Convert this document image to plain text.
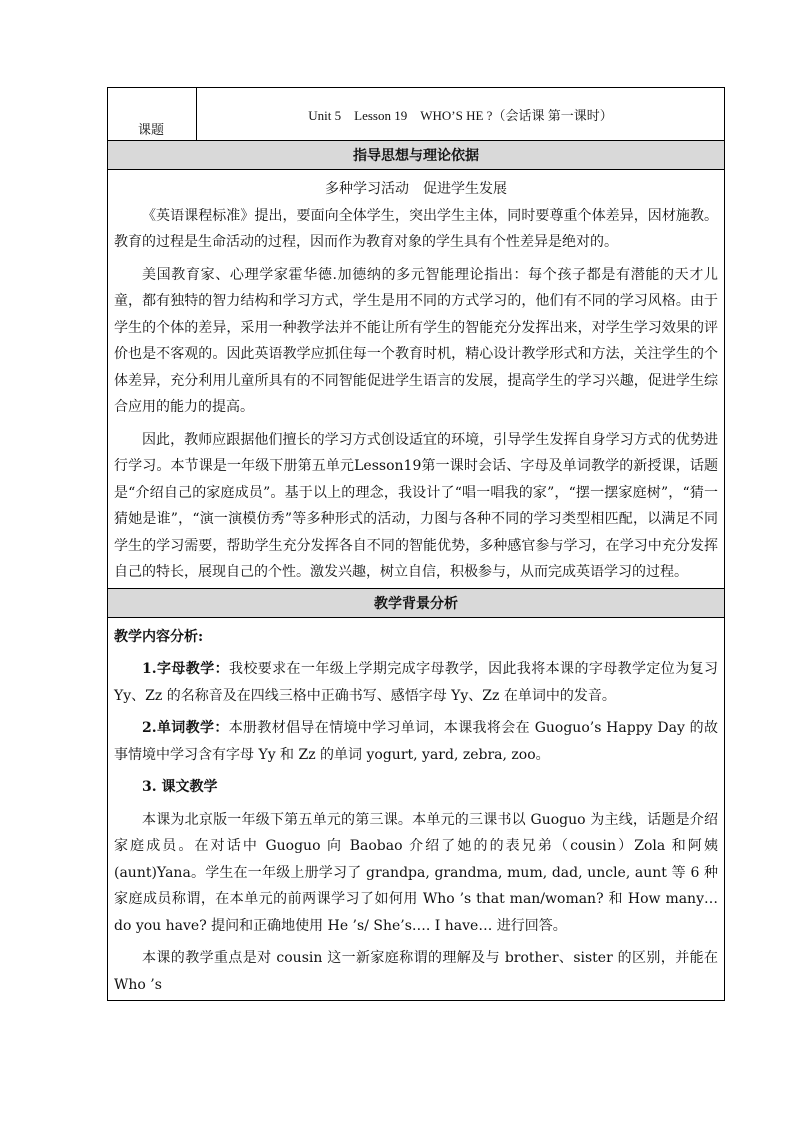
课题
	Unit 5　Lesson 19　WHO’S HE ?（会话课 第一课时）
指导思想与理论依据

多种学习活动　促进学生发展

《英语课程标准》提出，要面向全体学生，突出学生主体，同时要尊重个体差异，因材施教。教育的过程是生命活动的过程，因而作为教育对象的学生具有个性差异是绝对的。

美国教育家、心理学家霍华德.加德纳的多元智能理论指出：每个孩子都是有潜能的天才儿童，都有独特的智力结构和学习方式，学生是用不同的方式学习的，他们有不同的学习风格。由于学生的个体的差异，采用一种教学法并不能让所有学生的智能充分发挥出来，对学生学习效果的评价也是不客观的。因此英语教学应抓住每一个教育时机，精心设计教学形式和方法，关注学生的个体差异，充分利用儿童所具有的不同智能促进学生语言的发展，提高学生的学习兴趣，促进学生综合应用的能力的提高。

因此，教师应跟据他们擅长的学习方式创设适宜的环境，引导学生发挥自身学习方式的优势进行学习。本节课是一年级下册第五单元Lesson19第一课时会话、字母及单词教学的新授课，话题是“介绍自己的家庭成员”。基于以上的理念，我设计了“唱一唱我的家”，“摆一摆家庭树”，“猜一猜她是谁”，“演一演模仿秀”等多种形式的活动，力图与各种不同的学习类型相匹配，以满足不同学生的学习需要，帮助学生充分发挥各自不同的智能优势，多种感官参与学习，在学习中充分发挥自己的特长，展现自己的个性。激发兴趣，树立自信，积极参与，从而完成英语学习的过程。

教学背景分析

教学内容分析:

1.字母教学：我校要求在一年级上学期完成字母教学，因此我将本课的字母教学定位为复习Yy、Zz 的名称音及在四线三格中正确书写、感悟字母 Yy、Zz 在单词中的发音。

2.单词教学：本册教材倡导在情境中学习单词，本课我将会在 Guoguo’s Happy Day 的故事情境中学习含有字母 Yy 和 Zz 的单词 yogurt, yard, zebra, zoo。

3. 课文教学

本课为北京版一年级下第五单元的第三课。本单元的三课书以 Guoguo 为主线，话题是介绍家庭成员。在对话中 Guoguo 向 Baobao 介绍了她的的表兄弟（cousin）Zola 和阿姨(aunt)Yana。学生在一年级上册学习了 grandpa, grandma, mum, dad, uncle, aunt 等 6 种家庭成员称谓，在本单元的前两课学习了如何用 Who ’s that man/woman? 和 How many… do you have? 提问和正确地使用 He ’s/ She’s…. I have… 进行回答。

本课的教学重点是对 cousin 这一新家庭称谓的理解及与 brother、sister 的区别，并能在 Who ’s
